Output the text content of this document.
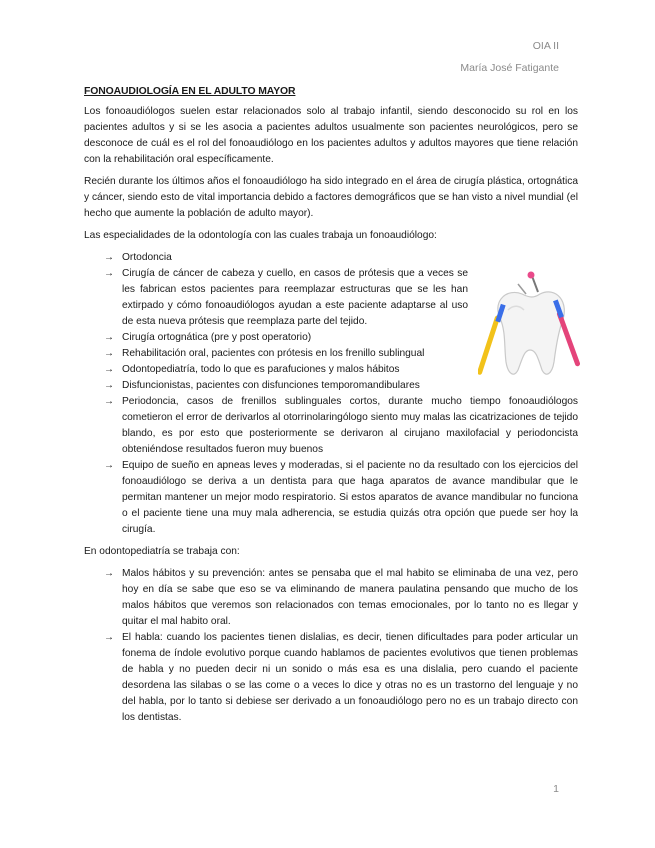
OIA II
María José Fatigante
FONOAUDIOLOGÍA EN EL ADULTO MAYOR

Los fonoaudiólogos suelen estar relacionados solo al trabajo infantil, siendo desconocido su rol en los pacientes adultos y si se les asocia a pacientes adultos usualmente son pacientes neurológicos, pero se desconoce de cuál es el rol del fonoaudiólogo en los pacientes adultos y adultos mayores que tiene relación con la rehabilitación oral específicamente.

Recién durante los últimos años el fonoaudiólogo ha sido integrado en el área de cirugía plástica, ortognática y cáncer, siendo esto de vital importancia debido a factores demográficos que se han visto a nivel mundial (el hecho que aumente la población de adulto mayor).

Las especialidades de la odontología con las cuales trabaja un fonoaudiólogo:

→ Ortodoncia
→ Cirugía de cáncer de cabeza y cuello, en casos de prótesis que a veces se les fabrican estos pacientes para reemplazar estructuras que se les han extirpado y cómo fonoaudiólogos ayudan a este paciente adaptarse al uso de esta nueva prótesis que reemplaza parte del tejido.
→ Cirugía ortognática (pre y post operatorio)
→ Rehabilitación oral, pacientes con prótesis en los frenillo sublingual
→ Odontopediatría, todo lo que es parafuciones y malos hábitos
→ Disfuncionistas, pacientes con disfunciones temporomandibulares
→ Periodoncia, casos de frenillos sublinguales cortos, durante mucho tiempo fonoaudiólogos cometieron el error de derivarlos al otorrinolaringólogo siento muy malas las cicatrizaciones de tejido blando, es por esto que posteriormente se derivaron al cirujano maxilofacial y periodoncista obteniéndose resultados fueron muy buenos
→ Equipo de sueño en apneas leves y moderadas, si el paciente no da resultado con los ejercicios del fonoaudiólogo se deriva a un dentista para que haga aparatos de avance mandibular que le permitan mantener un mejor modo respiratorio. Si estos aparatos de avance mandibular no funciona o el paciente tiene una muy mala adherencia, se estudia quizás otra opción que puede ser hoy la cirugía.

En odontopediatría se trabaja con:

→ Malos hábitos y su prevención: antes se pensaba que el mal habito se eliminaba de una vez, pero hoy en día se sabe que eso se va eliminando de manera paulatina pensando que mucho de los malos hábitos que veremos son relacionados con temas emocionales, por lo tanto no es llegar y quitar el mal habito oral.
→ El habla: cuando los pacientes tienen dislalias, es decir, tienen dificultades para poder articular un fonema de índole evolutivo porque cuando hablamos de pacientes evolutivos que tienen problemas de habla y no pueden decir ni un sonido o más esa es una dislalia, pero cuando el paciente desordena las silabas o se las come o a veces lo dice y otras no es un trastorno del lenguaje y no del habla, por lo tanto si debiese ser derivado a un fonoaudiólogo pero no es un trabajo directo con los dentistas.
1
